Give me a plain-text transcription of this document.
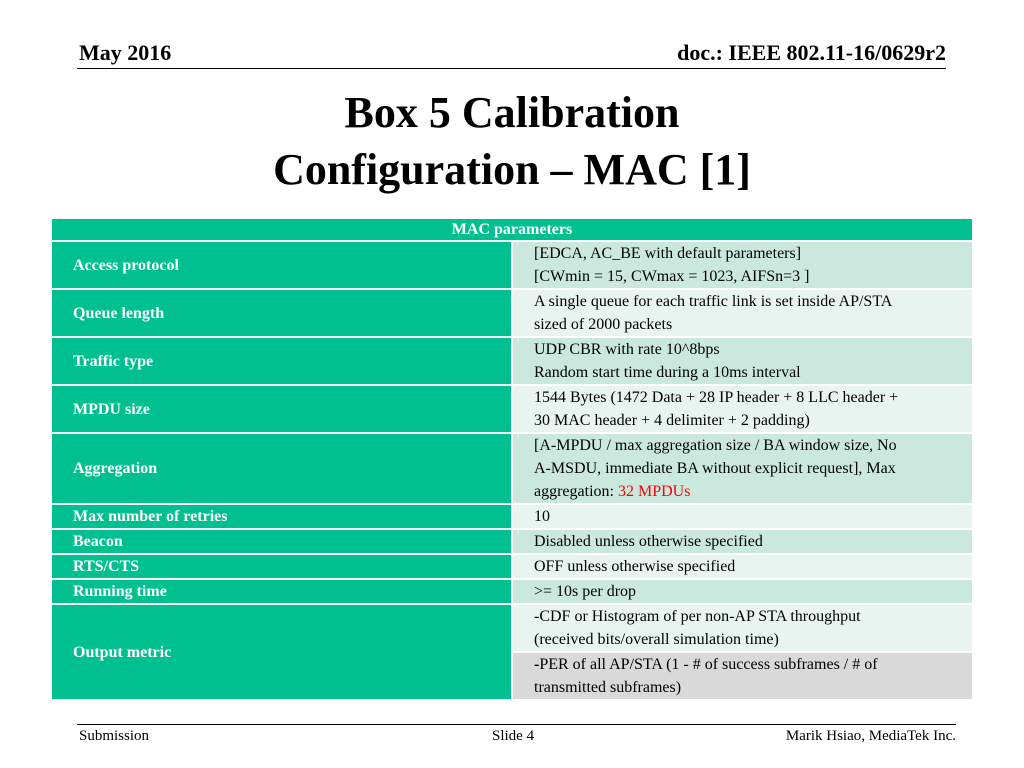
May 2016	doc.: IEEE 802.11-16/0629r2
Box 5 Calibration
Configuration – MAC [1]
MAC parameters	
Access protocol	[EDCA, AC_BE with default parameters]
[CWmin = 15, CWmax = 1023, AIFSn=3 ]

Queue length	A single queue for each traffic link is set inside AP/STA
sized of 2000 packets

Traffic type	UDP CBR with rate 10^8bps
Random start time during a 10ms interval

MPDU size	1544 Bytes (1472 Data + 28 IP header + 8 LLC header +
30 MAC header + 4 delimiter + 2 padding)

Aggregation	[A-MPDU / max aggregation size / BA window size, No
A-MSDU, immediate BA without explicit request], Max
aggregation: 32 MPDUs

Max number of retries	10
Beacon	Disabled unless otherwise specified
RTS/CTS	OFF unless otherwise specified
Running time	>= 10s per drop
Output metric	-CDF or Histogram of per non-AP STA throughput
(received bits/overall simulation time)

	-PER of all AP/STA (1 - # of success subframes / # of
transmitted subframes)
Submission	Slide 4	Marik Hsiao, MediaTek Inc.
